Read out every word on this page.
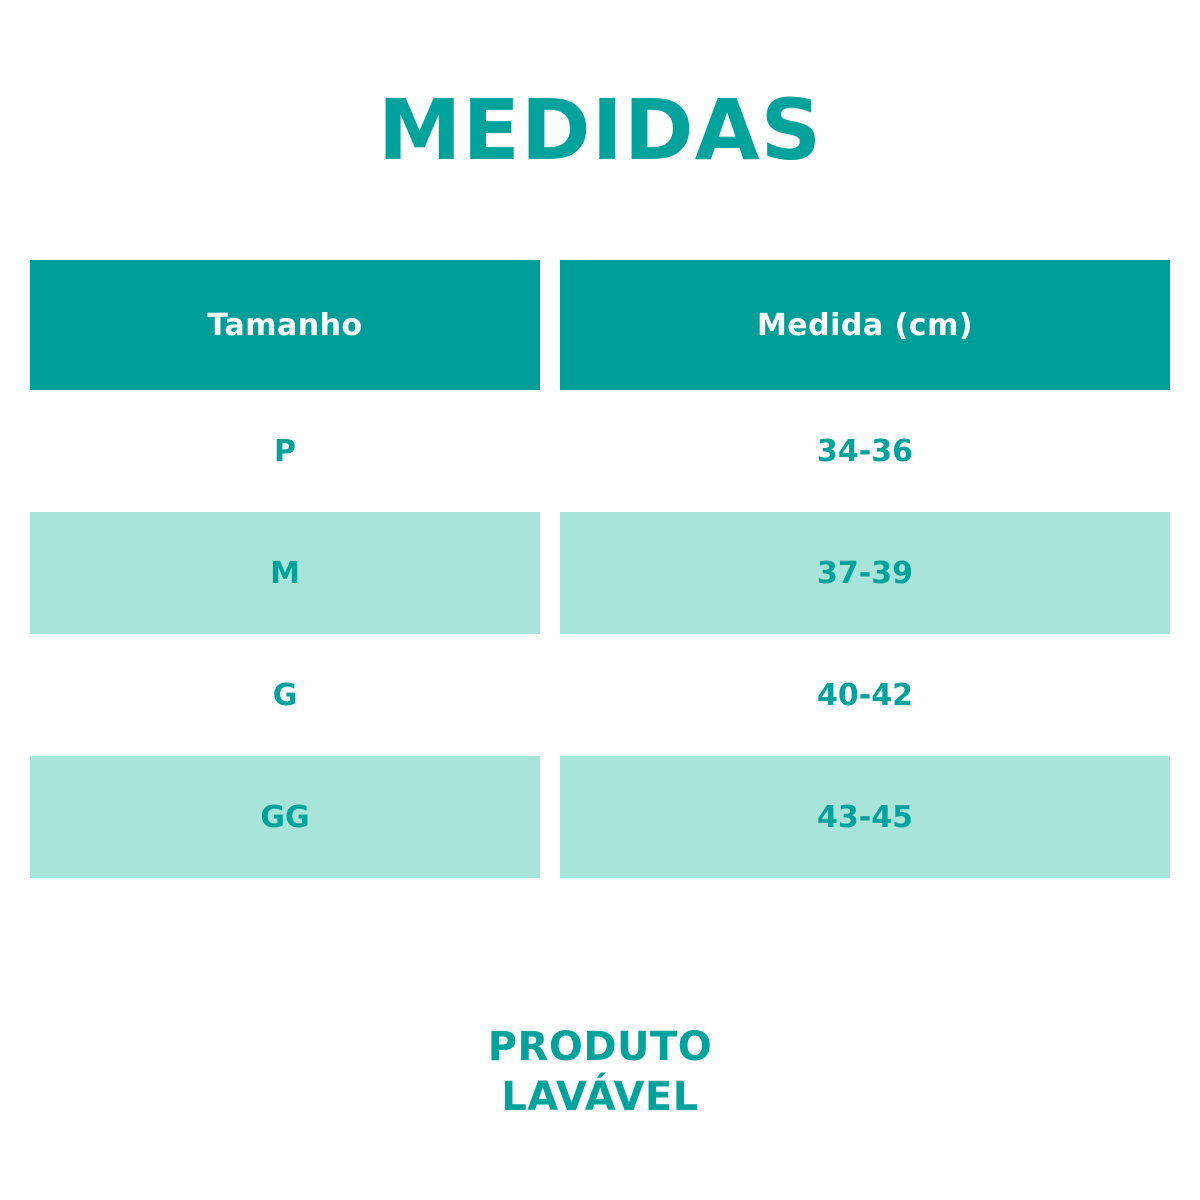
MEDIDAS
Tamanho	Medida (cm)
P	34-36
M	37-39
G	40-42
GG	43-45
PRODUTO
LAVÁVEL
